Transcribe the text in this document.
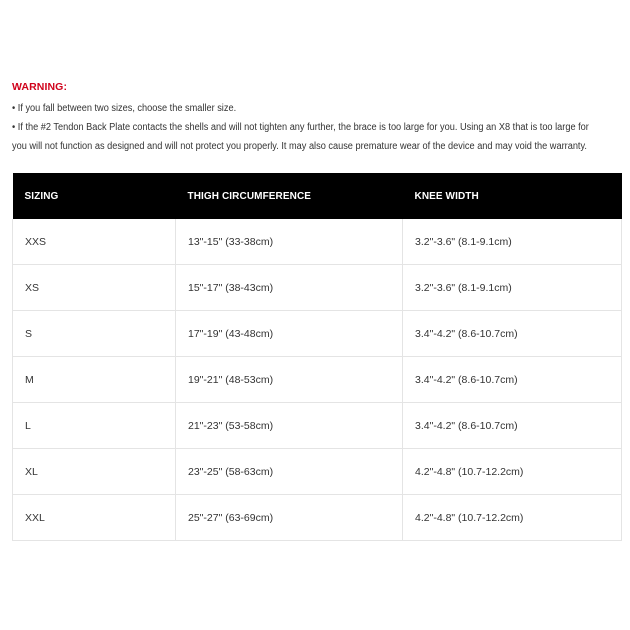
WARNING:

• If you fall between two sizes, choose the smaller size.

• If the #2 Tendon Back Plate contacts the shells and will not tighten any further, the brace is too large for you. Using an X8 that is too large for

you will not function as designed and will not protect you properly. It may also cause premature wear of the device and may void the warranty.

SIZING	THIGH CIRCUMFERENCE	KNEE WIDTH
XXS	13"-15" (33-38cm)	3.2"-3.6" (8.1-9.1cm)
XS	15"-17" (38-43cm)	3.2"-3.6" (8.1-9.1cm)
S	17"-19" (43-48cm)	3.4"-4.2" (8.6-10.7cm)
M	19"-21" (48-53cm)	3.4"-4.2" (8.6-10.7cm)
L	21"-23" (53-58cm)	3.4"-4.2" (8.6-10.7cm)
XL	23"-25" (58-63cm)	4.2"-4.8" (10.7-12.2cm)
XXL	25"-27" (63-69cm)	4.2"-4.8" (10.7-12.2cm)
